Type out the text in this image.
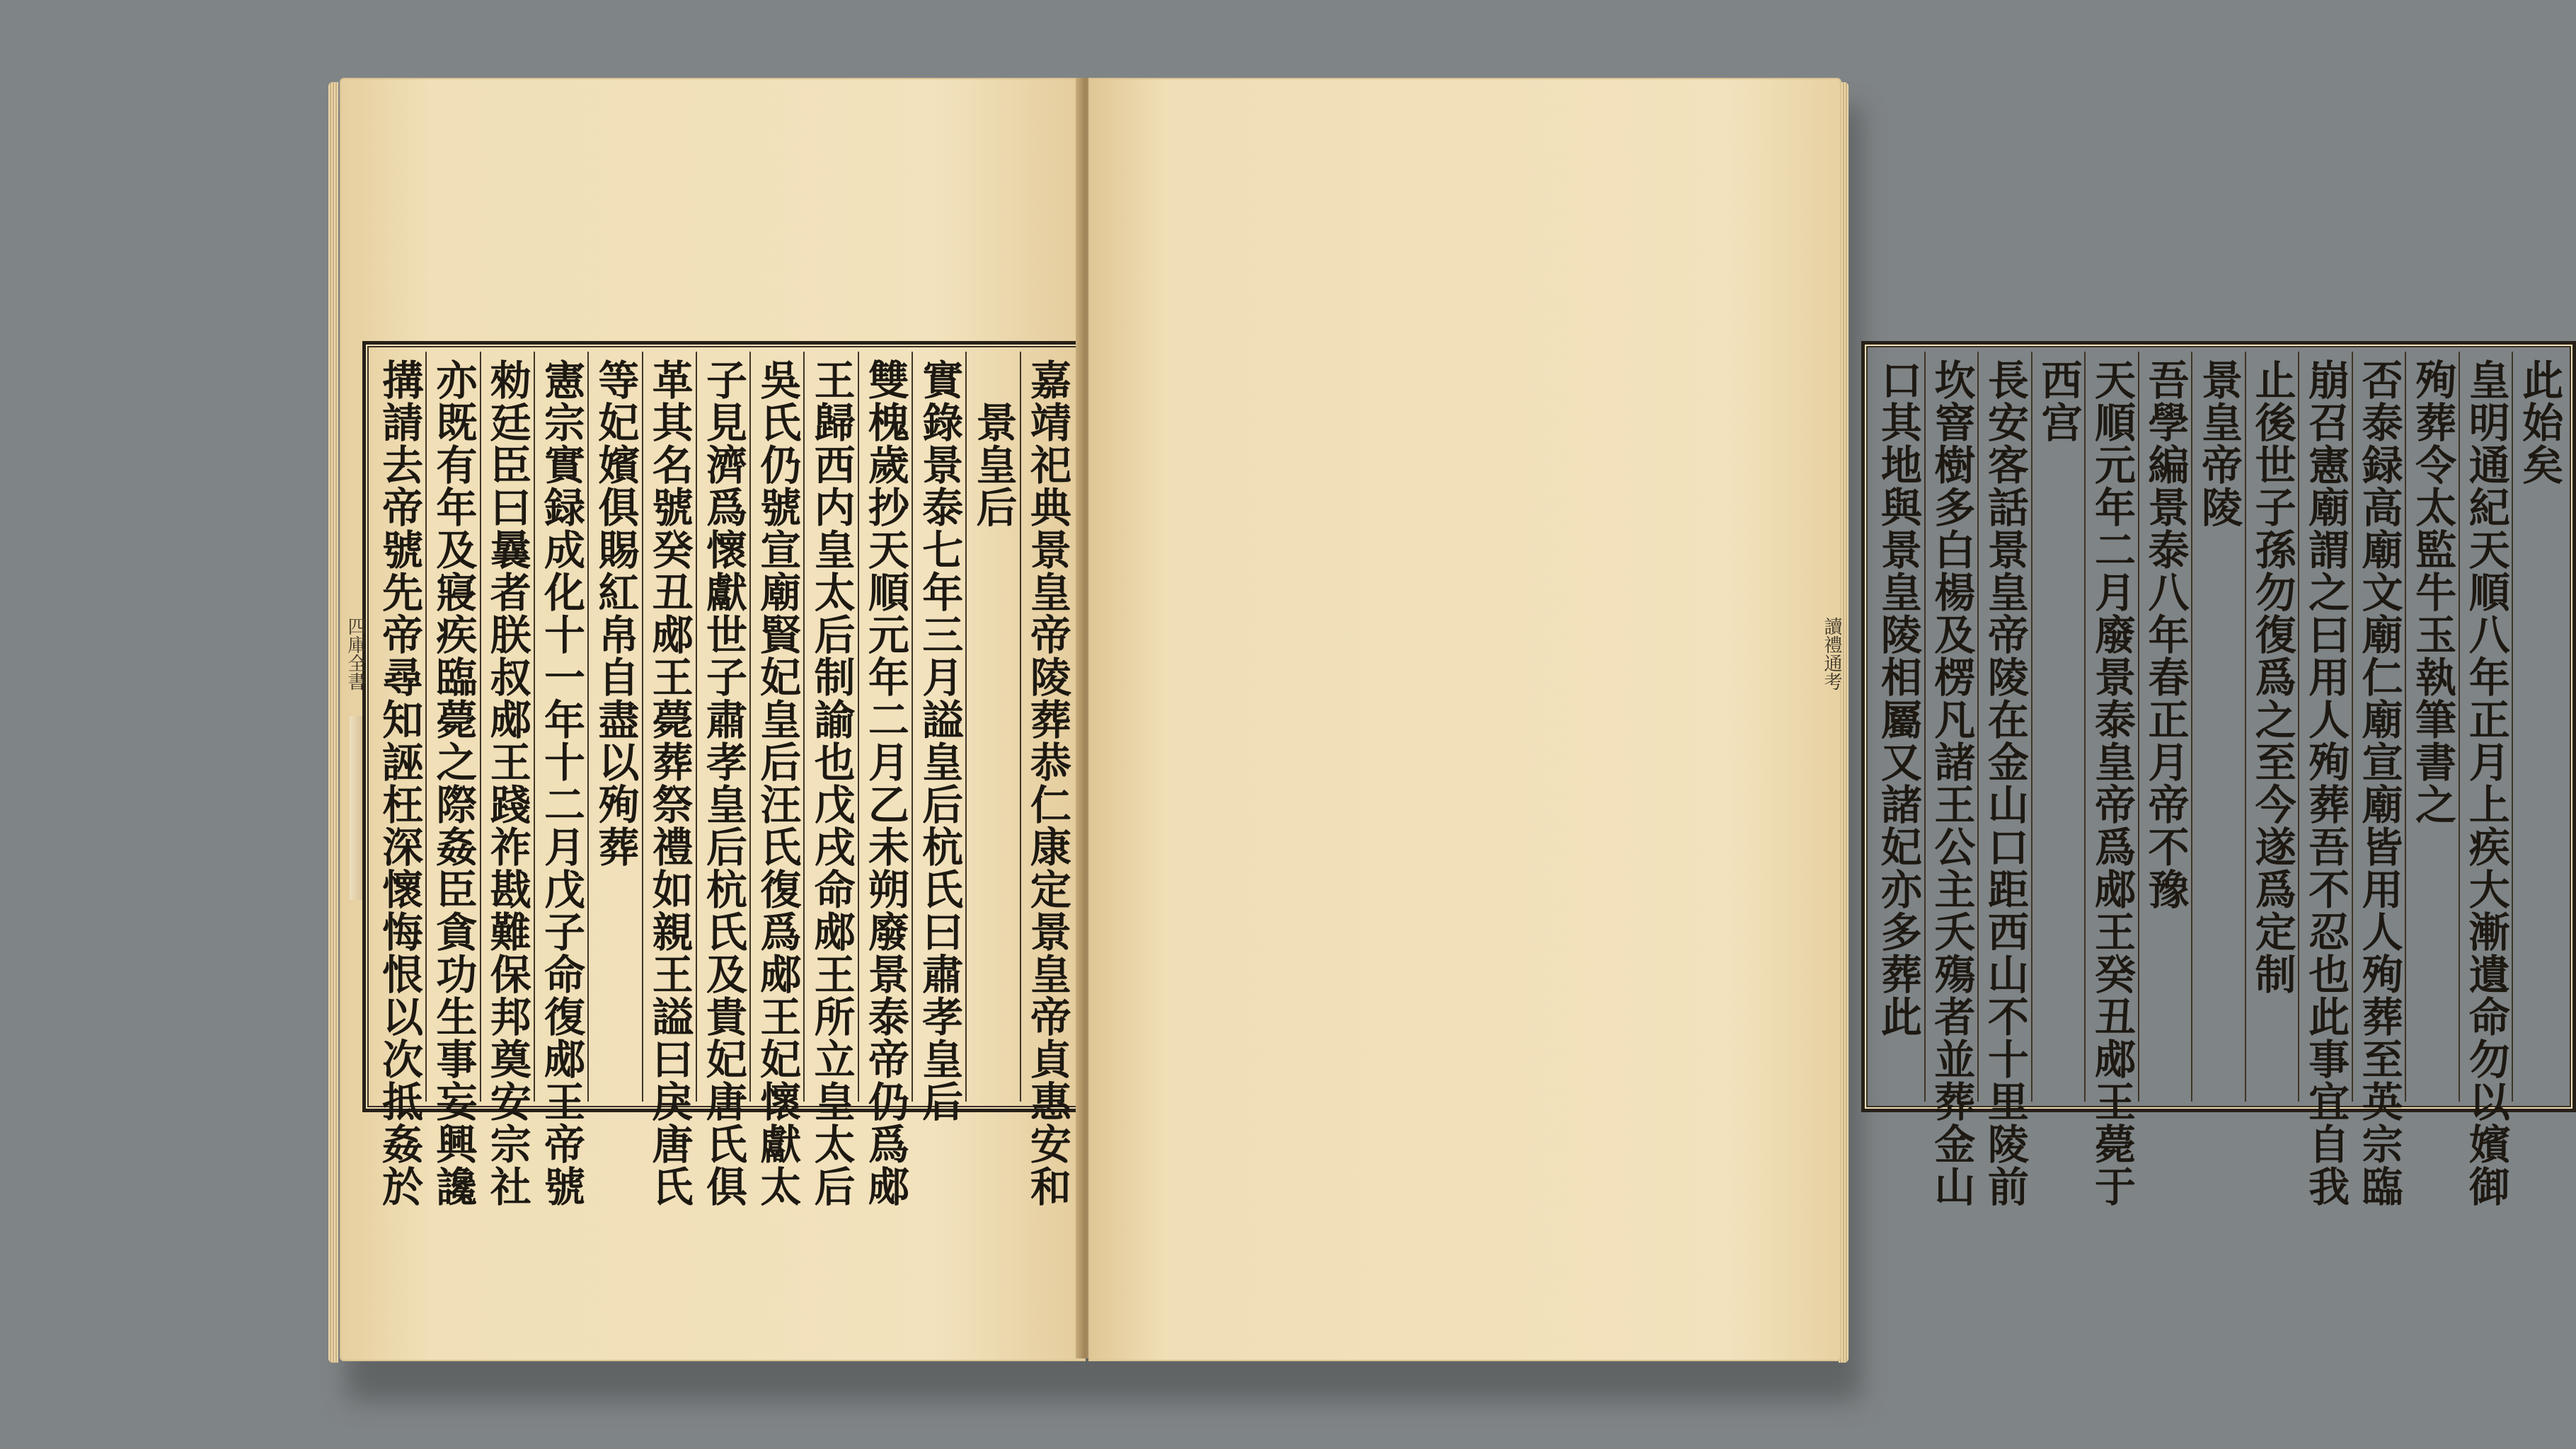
嘉靖祀典景皇帝陵葬恭仁康定景皇帝貞惠安和
景皇后
實錄景泰七年三月謚皇后杭氏曰肅孝皇后
雙槐歲抄天順元年二月乙未朔廢景泰帝仍爲郕
王歸西内皇太后制諭也戊戌命郕王所立皇太后
吳氏仍號宣廟賢妃皇后汪氏復爲郕王妃懷獻太
子見濟爲懷獻世子肅孝皇后杭氏及貴妃唐氏俱
革其名號癸丑郕王薨葬祭禮如親王謚曰戾唐氏
等妃嬪俱賜紅帛自盡以殉葬
憲宗實録成化十一年十二月戊子命復郕王帝號
勑廷臣曰曩者朕叔郕王踐祚戡難保邦奠安宗社
亦既有年及寢疾臨薨之際姦臣貪功生事妄興讒
搆請去帝號先帝尋知誣枉深懷悔恨以次抵姦於
四庫全書
此始矣
皇明通紀天順八年正月上疾大漸遺命勿以嬪御
殉葬令太監牛玉執筆書之
否泰録高廟文廟仁廟宣廟皆用人殉葬至英宗臨
崩召憲廟謂之曰用人殉葬吾不忍也此事宜自我
止後世子孫勿復爲之至今遂爲定制
景皇帝陵
吾學編景泰八年春正月帝不豫
天順元年二月廢景泰皇帝爲郕王癸丑郕王薨于
西宫
長安客話景皇帝陵在金山口距西山不十里陵前
坎窨樹多白楊及楞凡諸王公主夭殤者並葬金山
口其地與景皇陵相屬又諸妃亦多葬此
讀禮通考
